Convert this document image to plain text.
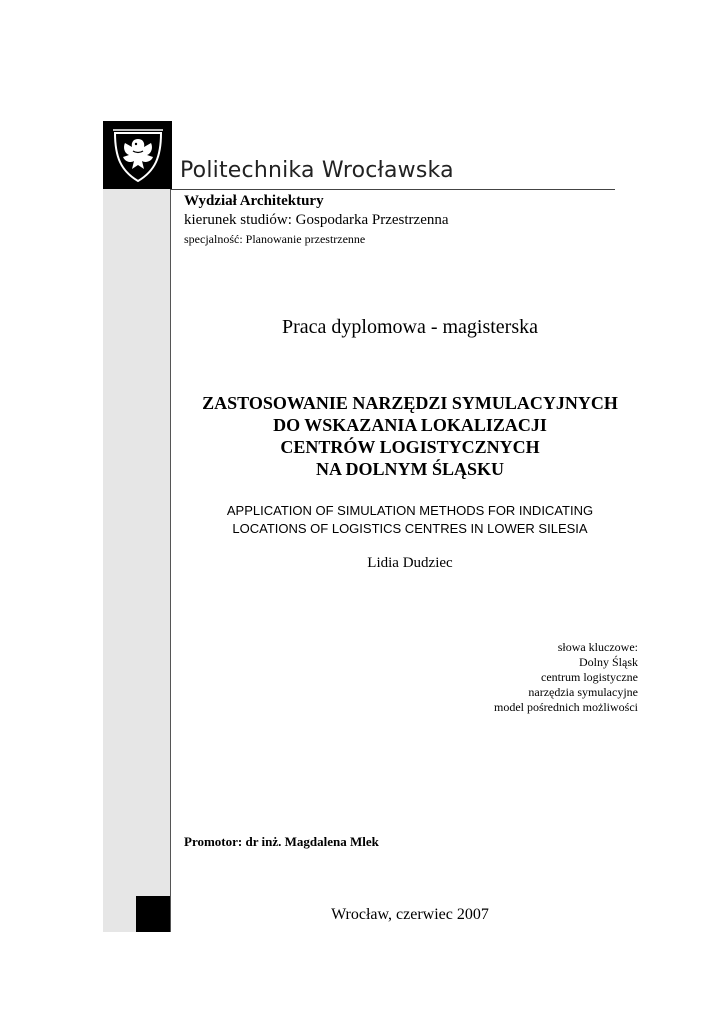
Politechnika Wrocławska
Wydział Architektury
kierunek studiów: Gospodarka Przestrzenna
specjalność: Planowanie przestrzenne
Praca dyplomowa - magisterska
ZASTOSOWANIE NARZĘDZI SYMULACYJNYCH
DO WSKAZANIA LOKALIZACJI
CENTRÓW LOGISTYCZNYCH
NA DOLNYM ŚLĄSKU
APPLICATION OF SIMULATION METHODS FOR INDICATING
LOCATIONS OF LOGISTICS CENTRES IN LOWER SILESIA
Lidia Dudziec
słowa kluczowe:
Dolny Śląsk
centrum logistyczne
narzędzia symulacyjne
model pośrednich możliwości
Promotor: dr inż. Magdalena Mlek
Wrocław, czerwiec 2007
